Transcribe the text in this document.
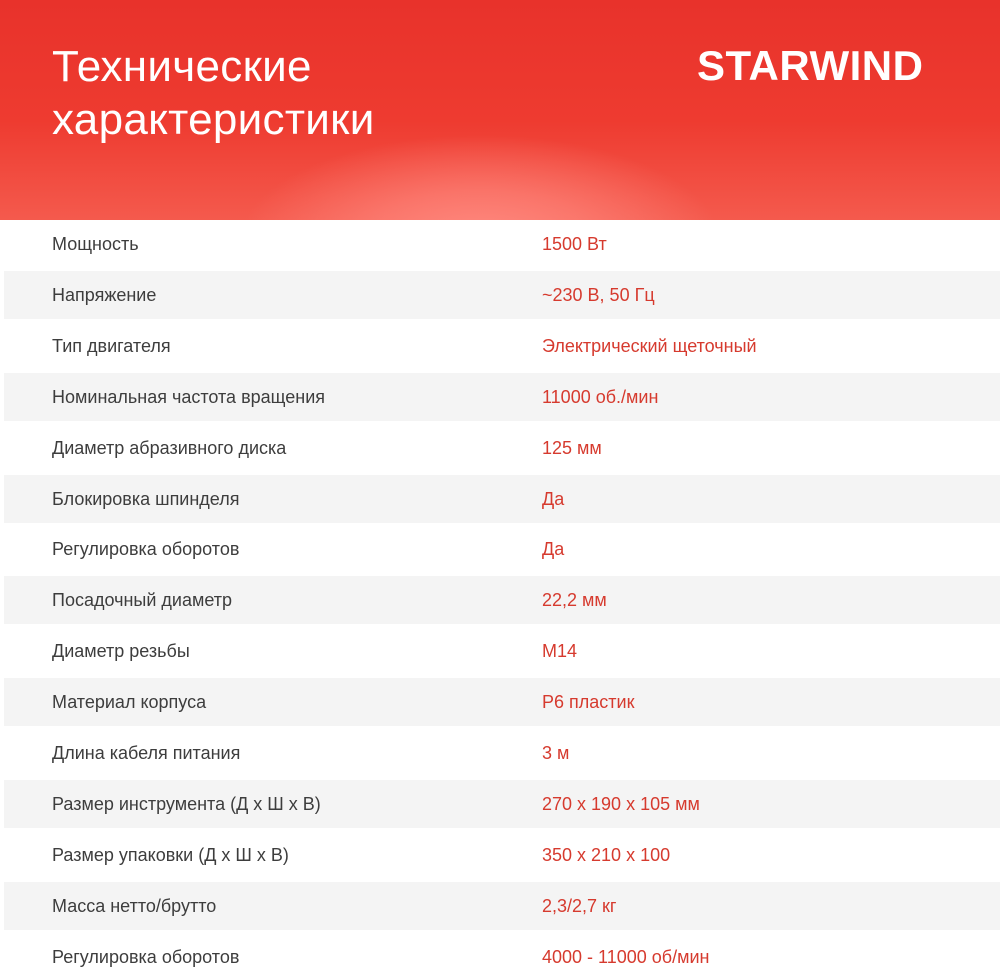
Технические
характеристики
STARWIND
Мощность	1500 Вт
Напряжение	~230 В, 50 Гц
Тип двигателя	Электрический щеточный
Номинальная частота вращения	11000 об./мин
Диаметр абразивного диска	125 мм
Блокировка шпинделя	Да
Регулировка оборотов	Да
Посадочный диаметр	22,2 мм
Диаметр резьбы	М14
Материал корпуса	Р6 пластик
Длина кабеля питания	3 м
Размер инструмента (Д х Ш х В)	270 х 190 х 105 мм
Размер упаковки (Д х Ш х В)	350 х 210 х 100
Масса нетто/брутто	2,3/2,7 кг
Регулировка оборотов	4000 - 11000 об/мин
